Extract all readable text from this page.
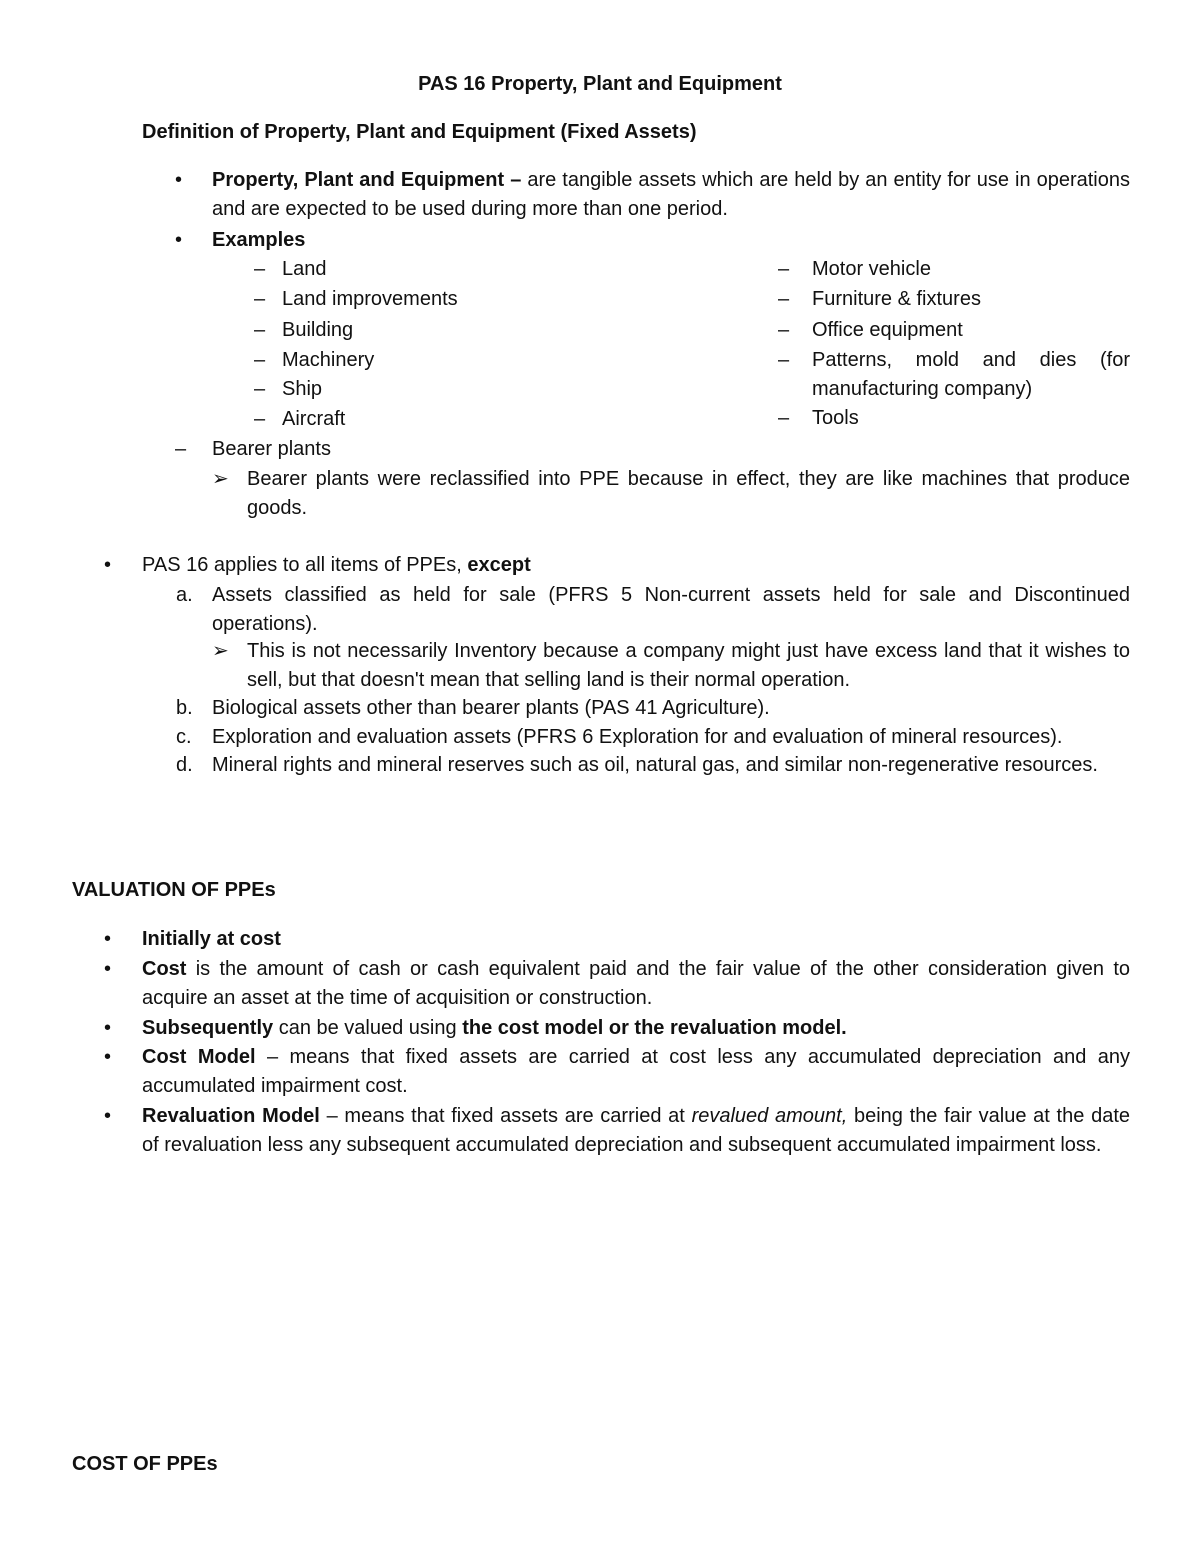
PAS 16 Property, Plant and Equipment
Definition of Property, Plant and Equipment (Fixed Assets)
• Property, Plant and Equipment – are tangible assets which are held by an entity for use in operations and are expected to be used during more than one period.
• Examples
– Land
– Land improvements
– Building
– Machinery
– Ship
– Aircraft
– Motor vehicle
– Furniture & fixtures
– Office equipment
– Patterns, mold and dies (for manufacturing company)
– Tools
– Bearer plants
➢ Bearer plants were reclassified into PPE because in effect, they are like machines that produce goods.
• PAS 16 applies to all items of PPEs, except
a. Assets classified as held for sale (PFRS 5 Non-current assets held for sale and Discontinued operations).
➢ This is not necessarily Inventory because a company might just have excess land that it wishes to sell, but that doesn't mean that selling land is their normal operation.
b. Biological assets other than bearer plants (PAS 41 Agriculture).
c. Exploration and evaluation assets (PFRS 6 Exploration for and evaluation of mineral resources).
d. Mineral rights and mineral reserves such as oil, natural gas, and similar non-regenerative resources.
VALUATION OF PPEs
• Initially at cost
• Cost is the amount of cash or cash equivalent paid and the fair value of the other consideration given to acquire an asset at the time of acquisition or construction.
• Subsequently can be valued using the cost model or the revaluation model.
• Cost Model – means that fixed assets are carried at cost less any accumulated depreciation and any accumulated impairment cost.
• Revaluation Model – means that fixed assets are carried at revalued amount, being the fair value at the date of revaluation less any subsequent accumulated depreciation and subsequent accumulated impairment loss.
COST OF PPEs
